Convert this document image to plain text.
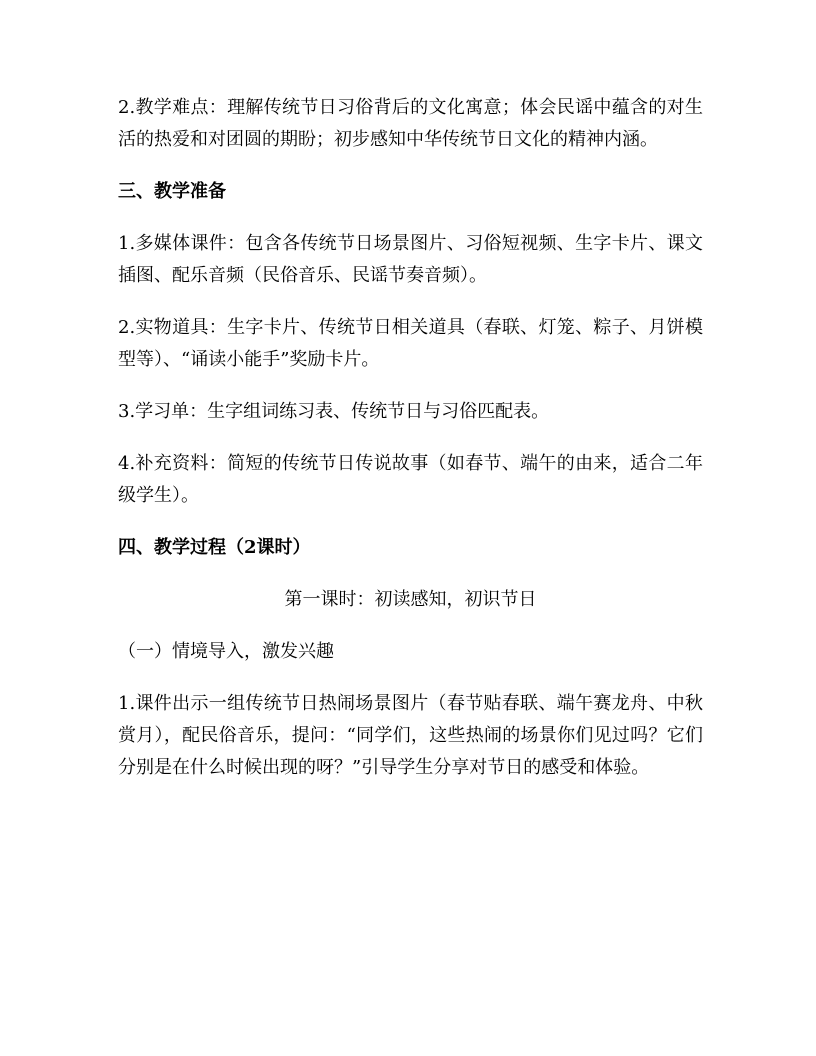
2.教学难点：理解传统节日习俗背后的文化寓意；体会民谣中蕴含的对生活的热爱和对团圆的期盼；初步感知中华传统节日文化的精神内涵。

三、教学准备

1.多媒体课件：包含各传统节日场景图片、习俗短视频、生字卡片、课文插图、配乐音频（民俗音乐、民谣节奏音频）。

2.实物道具：生字卡片、传统节日相关道具（春联、灯笼、粽子、月饼模型等）、“诵读小能手”奖励卡片。

3.学习单：生字组词练习表、传统节日与习俗匹配表。

4.补充资料：简短的传统节日传说故事（如春节、端午的由来，适合二年级学生）。

四、教学过程（2课时）

第一课时：初读感知，初识节日

（一）情境导入，激发兴趣

1.课件出示一组传统节日热闹场景图片（春节贴春联、端午赛龙舟、中秋赏月），配民俗音乐，提问：“同学们，这些热闹的场景你们见过吗？它们分别是在什么时候出现的呀？”引导学生分享对节日的感受和体验。
